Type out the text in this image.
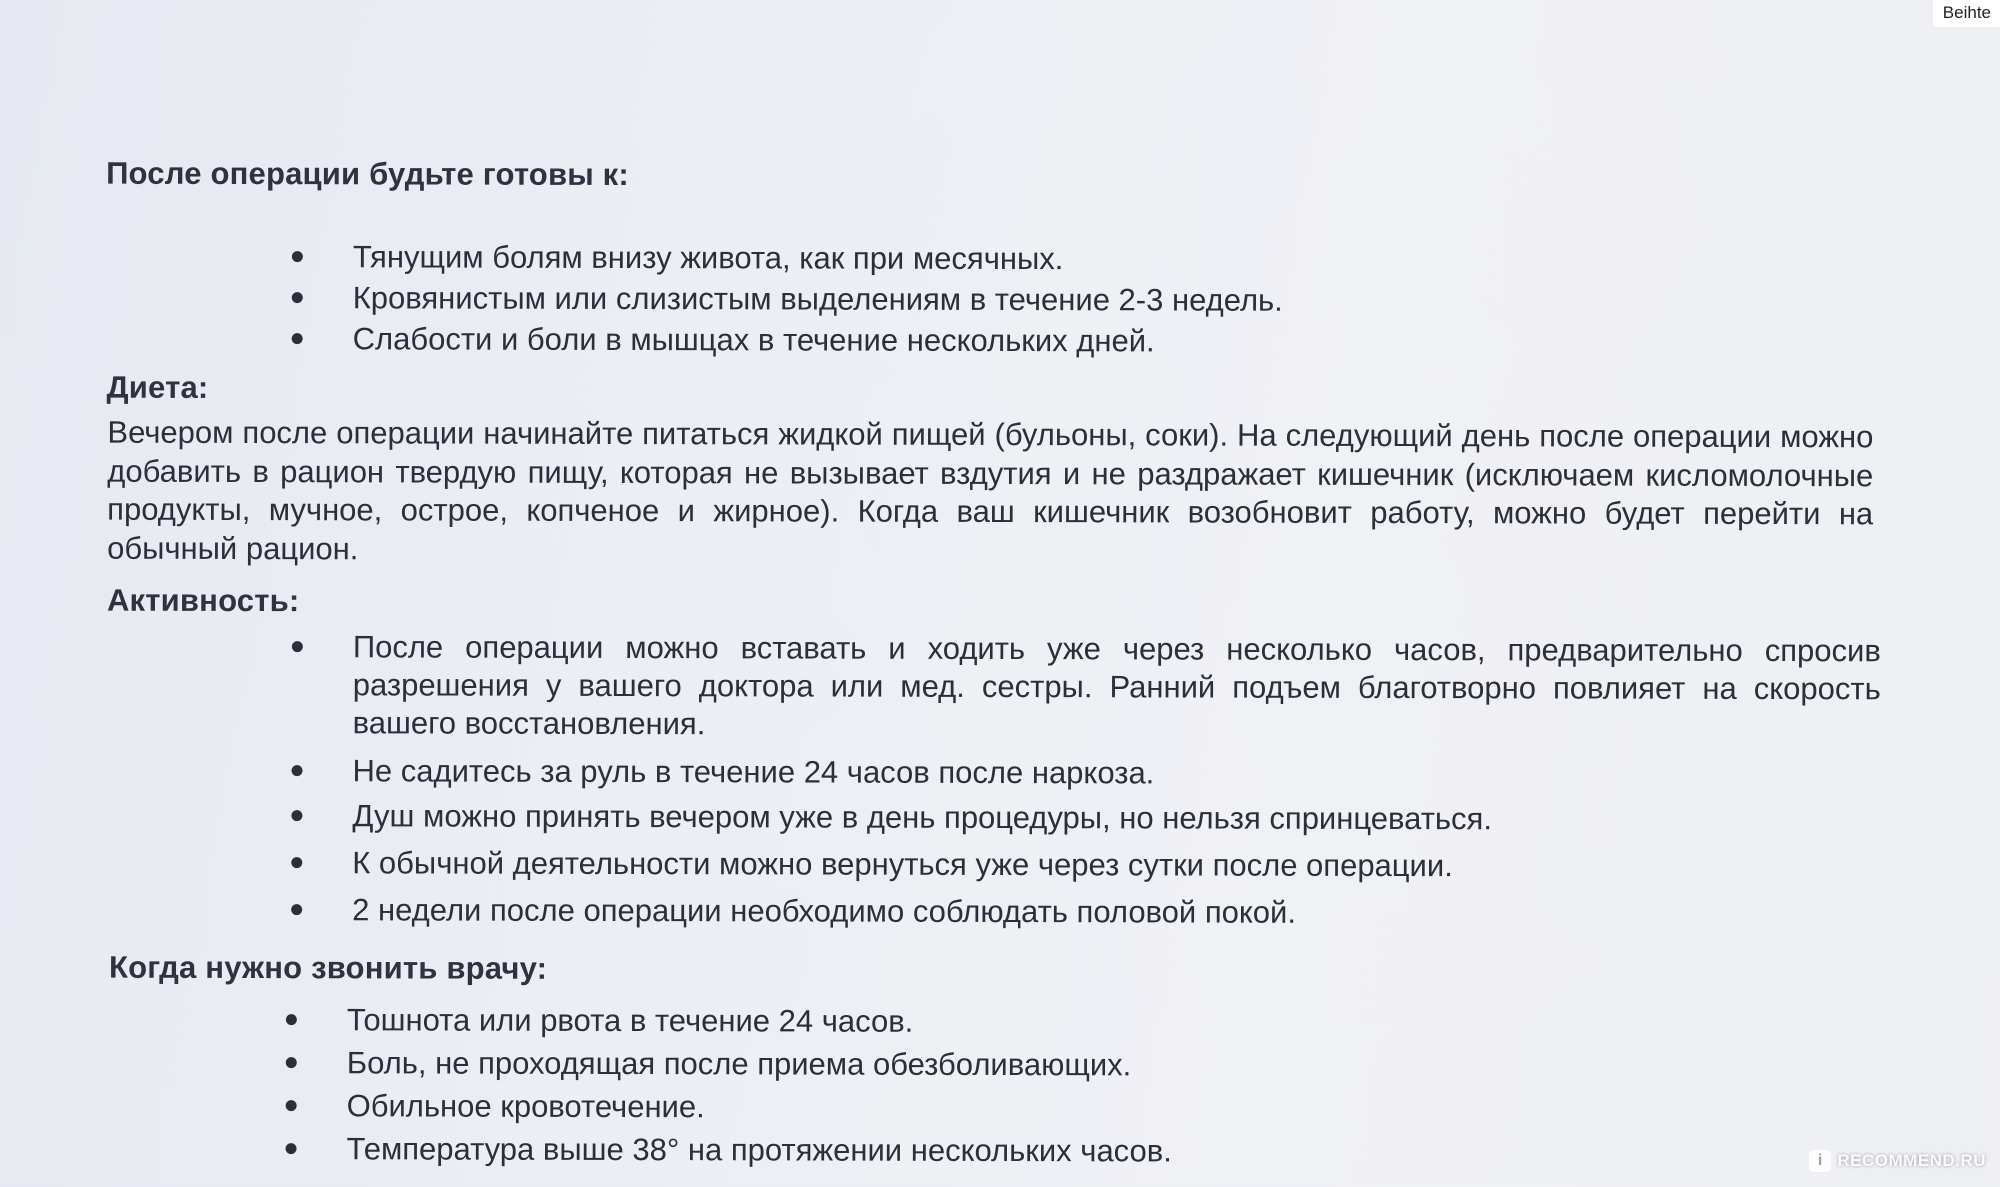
После операции будьте готовы к:
Тянущим болям внизу живота, как при месячных.
Кровянистым или слизистым выделениям в течение 2-3 недель.
Слабости и боли в мышцах в течение нескольких дней.
Диета:
Вечером после операции начинайте питаться жидкой пищей (бульоны, соки). На следующий день после операции можно добавить в рацион твердую пищу, которая не вызывает вздутия и не раздражает кишечник (исключаем кисломолочные продукты, мучное, острое, копченое и жирное). Когда ваш кишечник возобновит работу, можно будет перейти на обычный рацион.
Активность:
После операции можно вставать и ходить уже через несколько часов, предварительно спросив разрешения у вашего доктора или мед. сестры. Ранний подъем благотворно повлияет на скорость вашего восстановления.
Не садитесь за руль в течение 24 часов после наркоза.
Душ можно принять вечером уже в день процедуры, но нельзя спринцеваться.
К обычной деятельности можно вернуться уже через сутки после операции.
2 недели после операции необходимо соблюдать половой покой.
Когда нужно звонить врачу:
Тошнота или рвота в течение 24 часов.
Боль, не проходящая после приема обезболивающих.
Обильное кровотечение.
Температура выше 38° на протяжении нескольких часов.
Beihte
i RECOMMEND.RU
